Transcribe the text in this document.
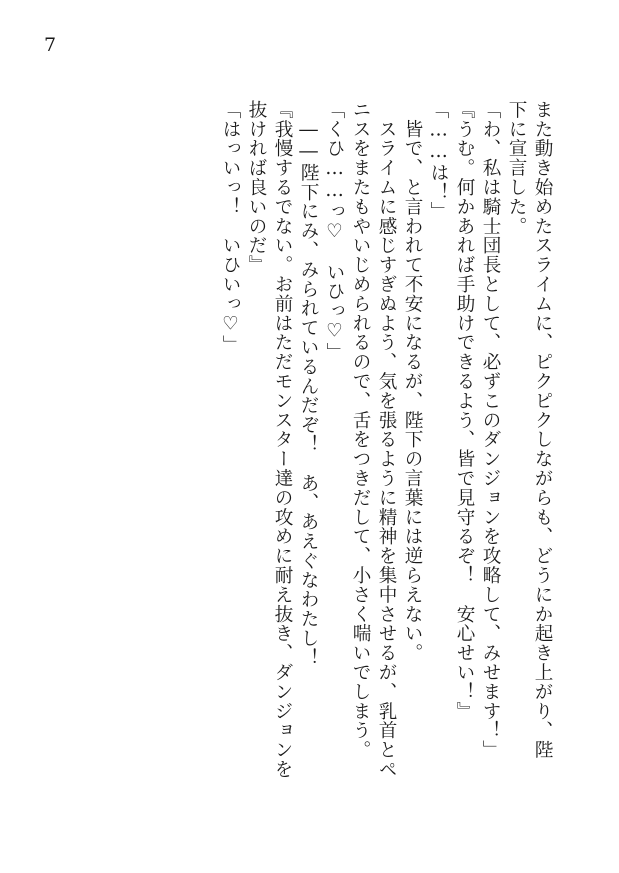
7
また動き始めたスライムに、ピクピクしながらも、どうにか起き上がり、陛
下に宣言した。
「わ、私は騎士団長として、必ずこのダンジョンを攻略して、みせます！」
『うむ。何かあれば手助けできるよう、皆で見守るぞ！　安心せい！』
「……は！」
　皆で、と言われて不安になるが、陛下の言葉には逆らえない。
　スライムに感じすぎぬよう、気を張るように精神を集中させるが、乳首とペ
ニスをまたもやいじめられるので、舌をつきだして、小さく喘いでしまう。
「くひ……っ♡　いひっ♡」
　――陛下にみ、みられているんだぞ！　あ、あえぐなわたし！
『我慢するでない。お前はただモンスター達の攻めに耐え抜き、ダンジョンを
抜ければ良いのだ』
「はっいっ！　いひいっ♡」
